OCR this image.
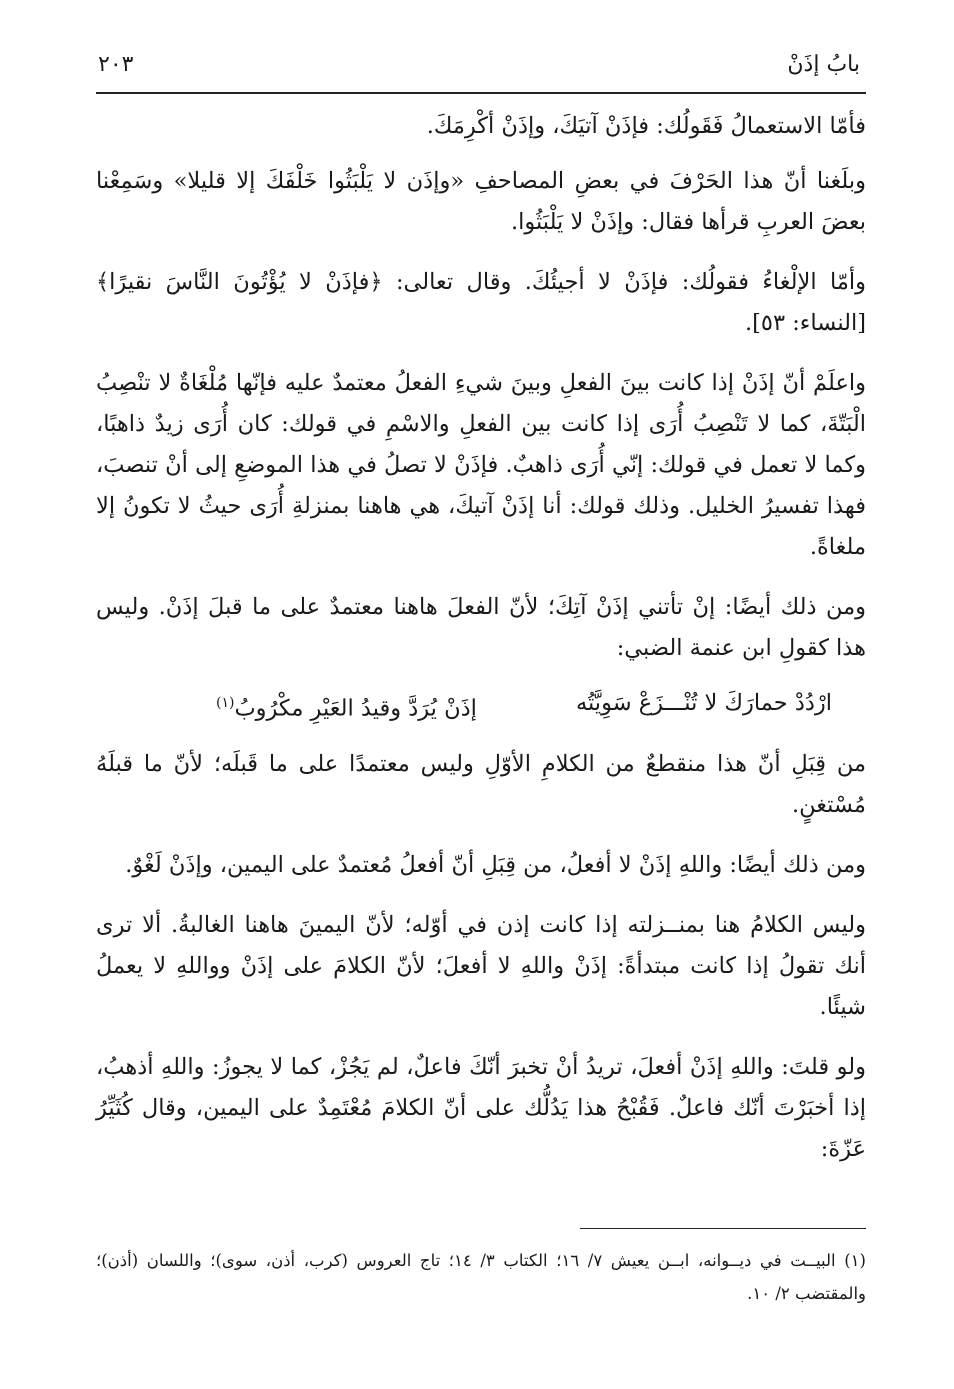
بابُ إذَنْ
٢٠٣

فأمّا الاستعمالُ فَقَولُك: فإذَنْ آتيَكَ، وإذَنْ أكْرِمَكَ.

وبلَغنا أنّ هذا الحَرْفَ في بعضِ المصاحفِ «وإذَن لا يَلْبَثُوا خَلْفَكَ إلا قليلا» وسَمِعْنا بعضَ العربِ قرأها فقال: وإذَنْ لا يَلْبَثُوا.

وأمّا الإلْغاءُ فقولُك: فإذَنْ لا أجيئُكَ. وقال تعالى: ﴿فإذَنْ لا يُؤْتُونَ النَّاسَ نقيرًا﴾ [النساء: ٥٣].

واعلَمْ أنّ إذَنْ إذا كانت بينَ الفعلِ وبينَ شيءِ الفعلُ معتمدٌ عليه فإنّها مُلْغَاةٌ لا تنْصِبُ الْبَتّةَ، كما لا تَنْصِبُ أُرَى إذا كانت بين الفعلِ والاسْمِ في قولك: كان أُرَى زيدٌ ذاهبًا، وكما لا تعمل في قولك: إنّي أُرَى ذاهبٌ. فإذَنْ لا تصلُ في هذا الموضعِ إلى أنْ تنصبَ، فهذا تفسيرُ الخليل. وذلك قولك: أنا إذَنْ آتيكَ، هي هاهنا بمنزلةِ أُرَى حيثُ لا تكونُ إلا ملغاةً.

ومن ذلك أيضًا: إنْ تأتني إذَنْ آتِكَ؛ لأنّ الفعلَ هاهنا معتمدٌ على ما قبلَ إذَنْ. وليس هذا كقولِ ابن عنمة الضبي:

ارْدُدْ حمارَكَ لا تُنْـــزَعْ سَوِيَّتُه
إذَنْ يُرَدَّ وقيدُ العَيْرِ مكْرُوبُ$^{(١)}$

من قِبَلِ أنّ هذا منقطعٌ من الكلامِ الأوّلِ وليس معتمدًا على ما قَبلَه؛ لأنّ ما قبلَهُ مُسْتغنٍ.

ومن ذلك أيضًا: واللهِ إذَنْ لا أفعلُ، من قِبَلِ أنّ أفعلُ مُعتمدٌ على اليمين، وإذَنْ لَغْوٌ.

وليس الكلامُ هنا بمنــزلته إذا كانت إذن في أوّله؛ لأنّ اليمينَ هاهنا الغالبةُ. ألا ترى أنك تقولُ إذا كانت مبتدأةً: إذَنْ واللهِ لا أفعلَ؛ لأنّ الكلامَ على إذَنْ وواللهِ لا يعملُ شيئًا.

ولو قلتَ: واللهِ إذَنْ أفعلَ، تريدُ أنْ تخبرَ أنّكَ فاعلٌ، لم يَجُزْ، كما لا يجوزُ: واللهِ أذهبُ، إذا أخبَرْتَ أنّك فاعلٌ. فَقُبْحُ هذا يَدُلُّك على أنّ الكلامَ مُعْتَمِدٌ على اليمين، وقال كُثَيِّرُ عَزّةَ:

(١) البيــت في ديــوانه، ابــن يعيش ٧/ ١٦؛ الكتاب ٣/ ١٤؛ تاج العروس (كرب، أذن، سوى)؛ واللسان (أذن)؛ والمقتضب ٢/ ١٠.
